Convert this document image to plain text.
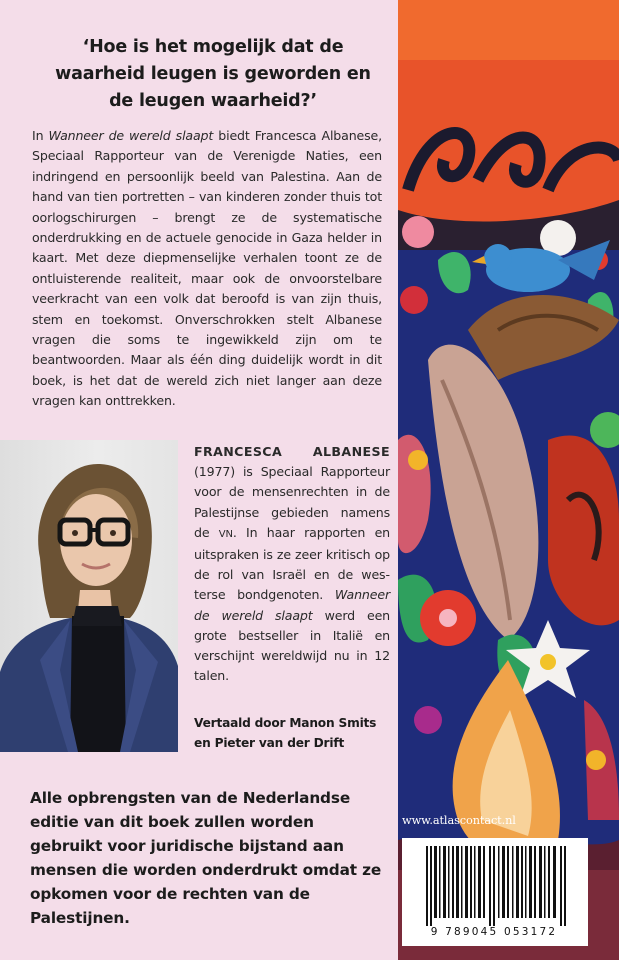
‘Hoe is het mogelijk dat de
waarheid leugen is geworden en
de leugen waarheid?’

In Wanneer de wereld slaapt biedt Francesca Albanese, Speciaal Rapporteur van de Verenigde Naties, een indringend en persoonlijk beeld van Palestina. Aan de hand van tien portretten – van kinderen zonder thuis tot oorlogschirurgen – brengt ze de systematische onderdrukking en de actuele genocide in Gaza helder in kaart. Met deze diepmenselijke verhalen toont ze de ontluisterende realiteit, maar ook de onvoorstelbare veerkracht van een volk dat beroofd is van zijn thuis, stem en toekomst. Onverschrokken stelt Albanese vragen die soms te ingewikkeld zijn om te beantwoorden. Maar als één ding duidelijk wordt in dit boek, is het dat de wereld zich niet langer aan deze vragen kan onttrekken.

FRANCESCA ALBANESE (1977) is Speciaal Rapporteur voor de mensenrechten in de Palestijnse gebieden namens de VN. In haar rapporten en uitspraken is ze zeer kritisch op de rol van Israël en de westerse bondgenoten. Wanneer de wereld slaapt werd een grote bestseller in Italië en verschijnt wereldwijd nu in 12 talen.

Vertaald door Manon Smits
en Pieter van der Drift

Alle opbrengsten van de Nederlandse editie van dit boek zullen worden gebruikt voor juridische bijstand aan mensen die worden onderdrukt omdat ze opkomen voor de rechten van de Palestijnen.

www.atlascontact.nl
9 789045 053172
